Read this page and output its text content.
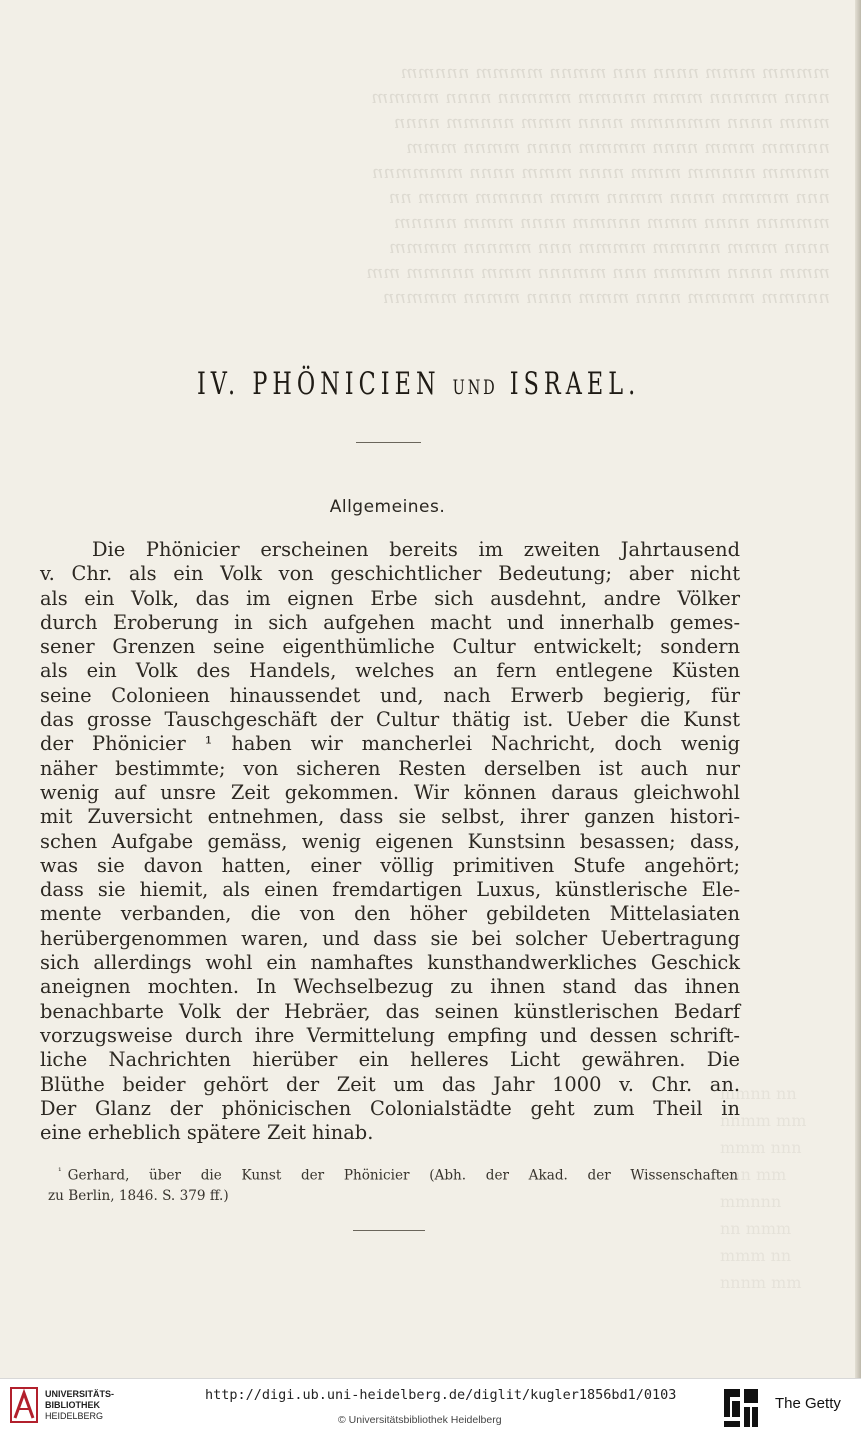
mmmm mmm nnnn nnn mmnn mmmm nnnmm

nnnn mmnnn mmm nnnmm mmmnn nnnn mmmm

mmm nnnn mmnnmm nnnn mmm nnnmm nnnn

nnnmm mmm nnnn mmmm nnnn mmnn mmm

mmmm nnnmm mmm nnnn mmm nnnn mmmmnn

nnn mmmm nnnn mmnn mmm nnnmm mmm nn

mmmnn nnnn mmm nnnmm nnnn mmm nnnnm

nnnn mmm nnnmm mmmm nnn mmnnn mmmm

mmm nnnn mmmm nnn mmnnn mmm nnnmm mm

nnnmm mmmm nnnn mmm nnnn mmnn mmmnn

mmnn nn
nnmm mm
mmm nnn
nnn mm
mmnnn
nn mmm
mmm nn
nnnm mm
IV. PHÖNICIEN UND ISRAEL.
Allgemeines.
Die Phönicier erscheinen bereits im zweiten Jahrtausend
v. Chr. als ein Volk von geschichtlicher Bedeutung; aber nicht
als ein Volk, das im eignen Erbe sich ausdehnt, andre Völker
durch Eroberung in sich aufgehen macht und innerhalb gemes-
sener Grenzen seine eigenthümliche Cultur entwickelt; sondern
als ein Volk des Handels, welches an fern entlegene Küsten
seine Colonieen hinaussendet und, nach Erwerb begierig, für
das grosse Tauschgeschäft der Cultur thätig ist. Ueber die Kunst
der Phönicier ¹ haben wir mancherlei Nachricht, doch wenig
näher bestimmte; von sicheren Resten derselben ist auch nur
wenig auf unsre Zeit gekommen. Wir können daraus gleichwohl
mit Zuversicht entnehmen, dass sie selbst, ihrer ganzen histori-
schen Aufgabe gemäss, wenig eigenen Kunstsinn besassen; dass,
was sie davon hatten, einer völlig primitiven Stufe angehört;
dass sie hiemit, als einen fremdartigen Luxus, künstlerische Ele-
mente verbanden, die von den höher gebildeten Mittelasiaten
herübergenommen waren, und dass sie bei solcher Uebertragung
sich allerdings wohl ein namhaftes kunsthandwerkliches Geschick
aneignen mochten. In Wechselbezug zu ihnen stand das ihnen
benachbarte Volk der Hebräer, das seinen künstlerischen Bedarf
vorzugsweise durch ihre Vermittelung empfing und dessen schrift-
liche Nachrichten hierüber ein helleres Licht gewähren. Die
Blüthe beider gehört der Zeit um das Jahr 1000 v. Chr. an.
Der Glanz der phönicischen Colonialstädte geht zum Theil in
eine erheblich spätere Zeit hinab.
$^{^1}$ Gerhard, über die Kunst der Phönicier (Abh. der Akad. der Wissenschaften
zu Berlin, 1846. S. 379 ff.)
UNIVERSITÄTS-
BIBLIOTHEK
HEIDELBERG
http://digi.ub.uni-heidelberg.de/diglit/kugler1856bd1/0103
© Universitätsbibliothek Heidelberg
The Getty
